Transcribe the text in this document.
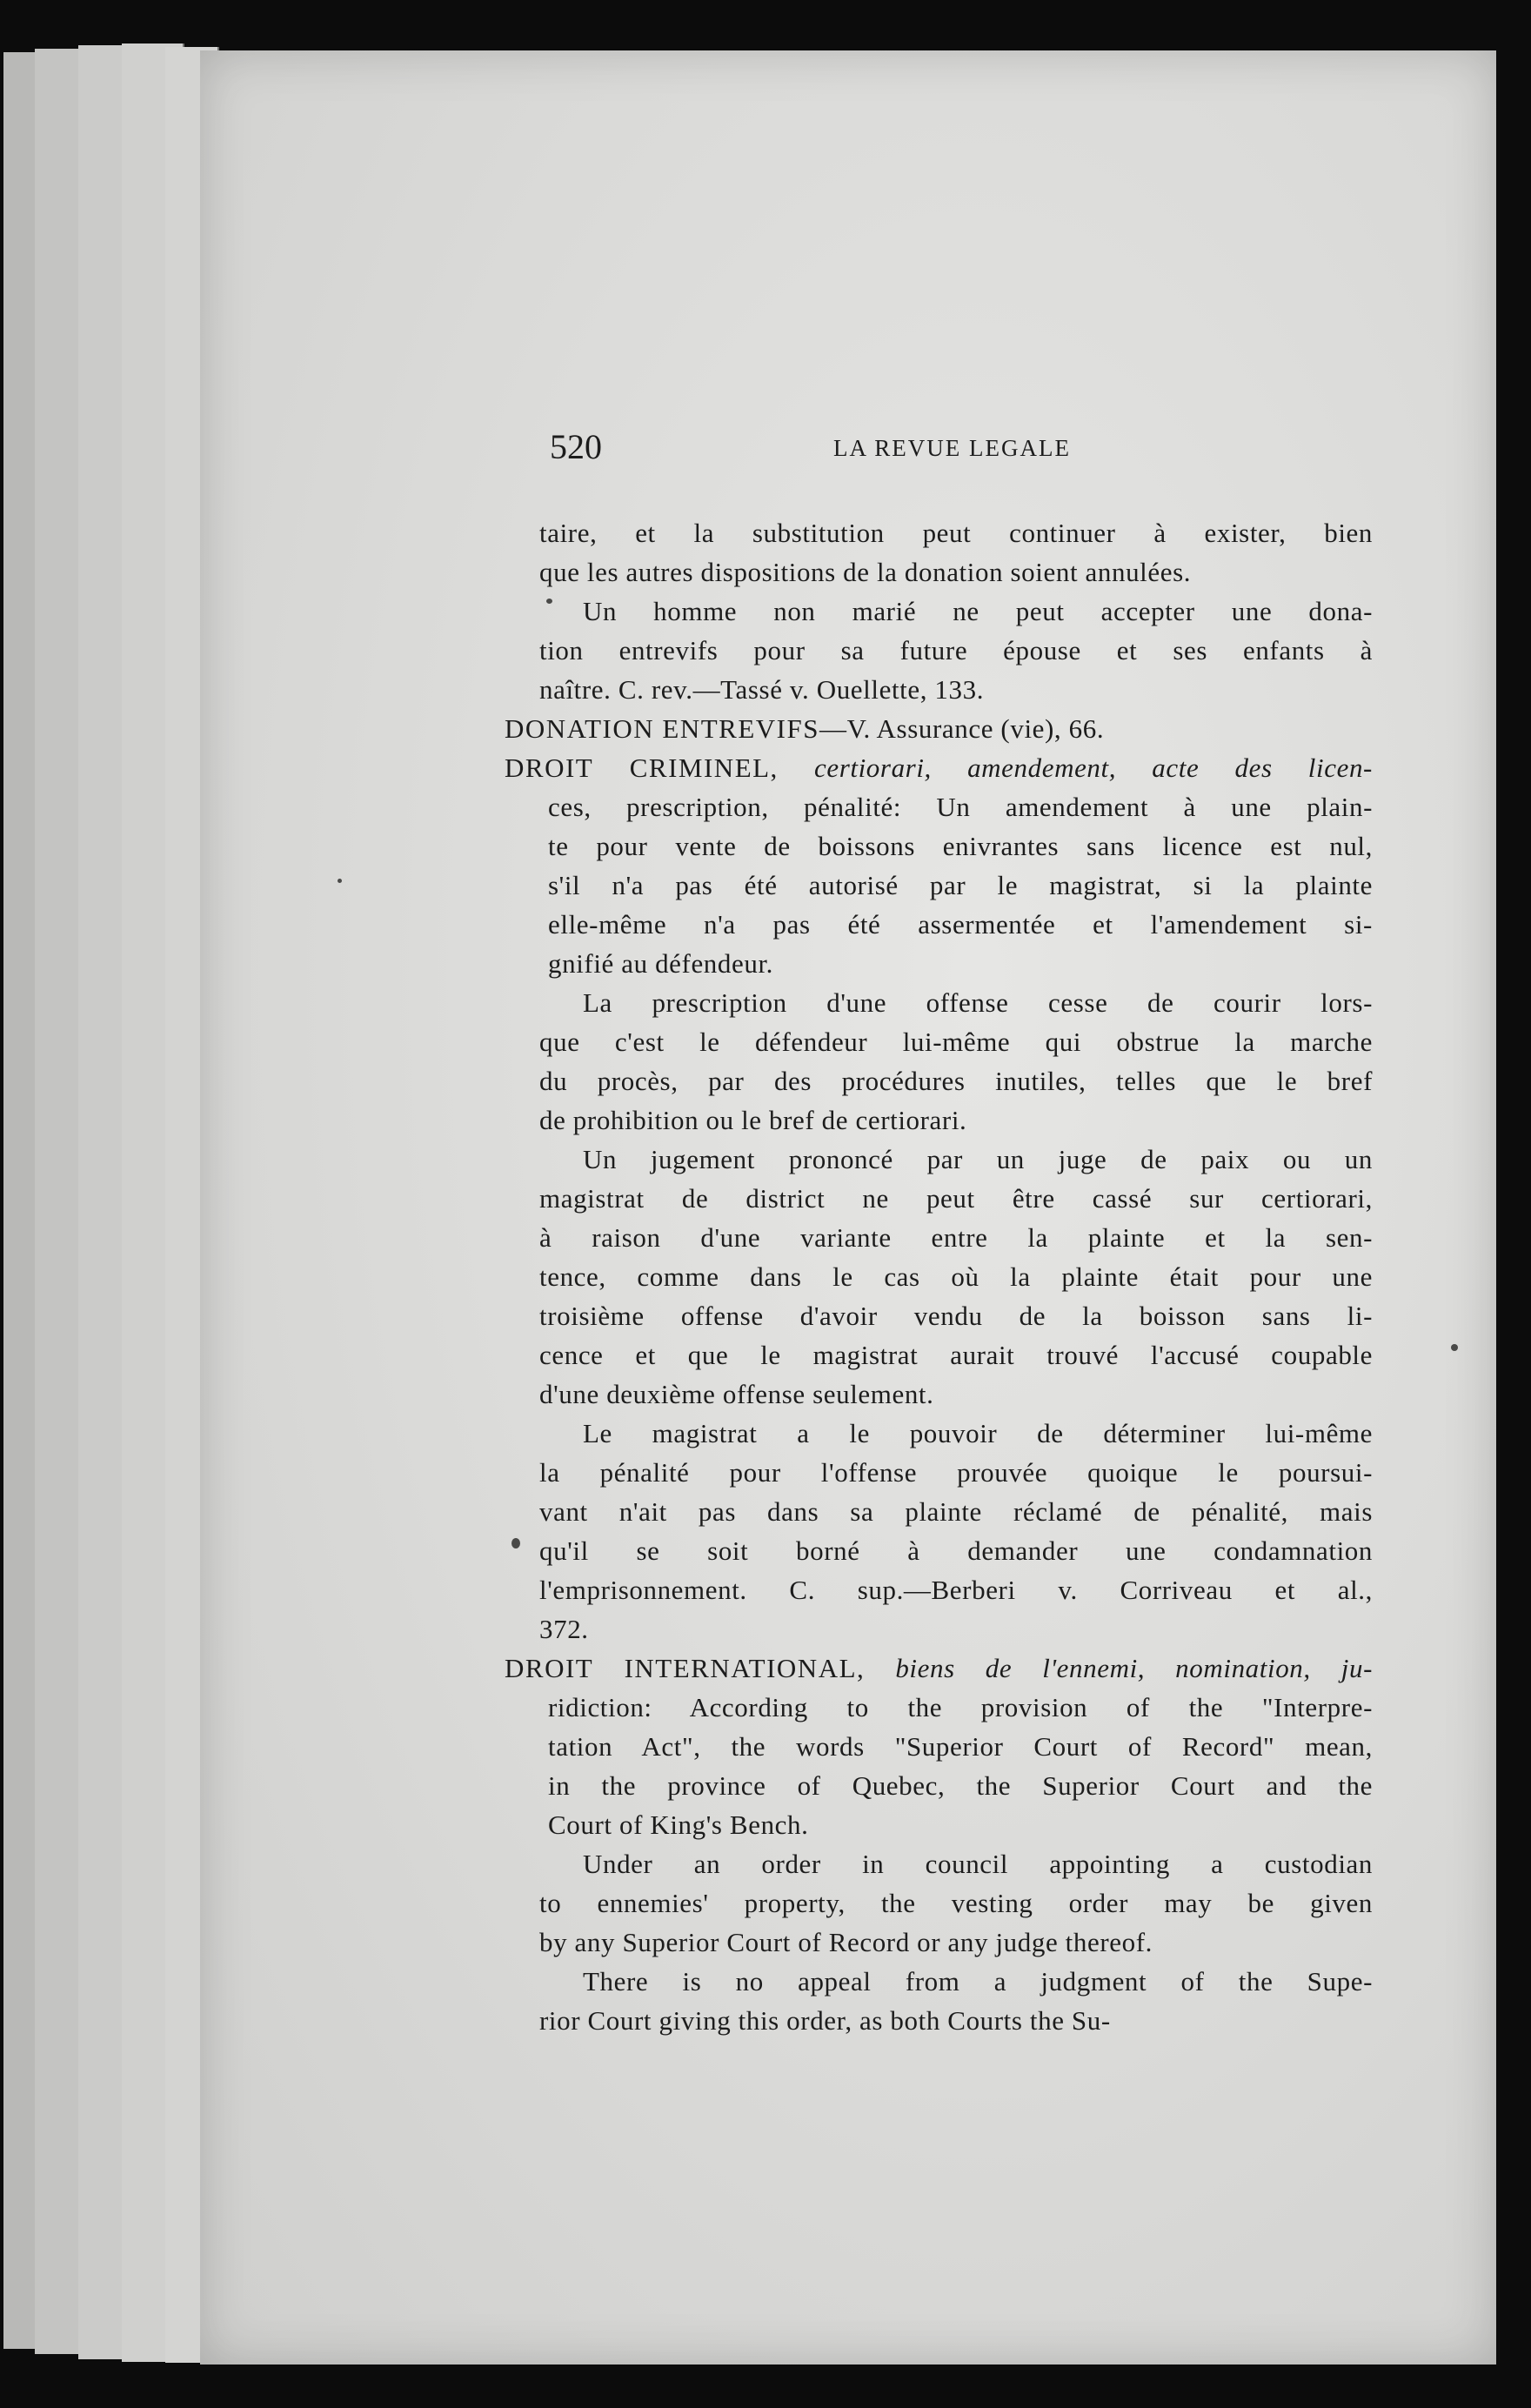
520	LA REVUE LEGALE
taire, et la substitution peut continuer à exister, bien
que les autres dispositions de la donation soient annulées.
Un homme non marié ne peut accepter une dona-
tion entrevifs pour sa future épouse et ses enfants à
naître. C. rev.—Tassé v. Ouellette, 133.
DONATION ENTREVIFS—V. Assurance (vie), 66.
DROIT CRIMINEL, certiorari, amendement, acte des licen-
ces, prescription, pénalité: Un amendement à une plain-
te pour vente de boissons enivrantes sans licence est nul,
s'il n'a pas été autorisé par le magistrat, si la plainte
elle-même n'a pas été assermentée et l'amendement si-
gnifié au défendeur.
La prescription d'une offense cesse de courir lors-
que c'est le défendeur lui-même qui obstrue la marche
du procès, par des procédures inutiles, telles que le bref
de prohibition ou le bref de certiorari.
Un jugement prononcé par un juge de paix ou un
magistrat de district ne peut être cassé sur certiorari,
à raison d'une variante entre la plainte et la sen-
tence, comme dans le cas où la plainte était pour une
troisième offense d'avoir vendu de la boisson sans li-
cence et que le magistrat aurait trouvé l'accusé coupable
d'une deuxième offense seulement.
Le magistrat a le pouvoir de déterminer lui-même
la pénalité pour l'offense prouvée quoique le poursui-
vant n'ait pas dans sa plainte réclamé de pénalité, mais
qu'il se soit borné à demander une condamnation
l'emprisonnement. C. sup.—Berberi v. Corriveau et al.,
372.
DROIT INTERNATIONAL, biens de l'ennemi, nomination, ju-
ridiction: According to the provision of the "Interpre-
tation Act", the words "Superior Court of Record" mean,
in the province of Quebec, the Superior Court and the
Court of King's Bench.
Under an order in council appointing a custodian
to ennemies' property, the vesting order may be given
by any Superior Court of Record or any judge thereof.
There is no appeal from a judgment of the Supe-
rior Court giving this order, as both Courts the Su-
